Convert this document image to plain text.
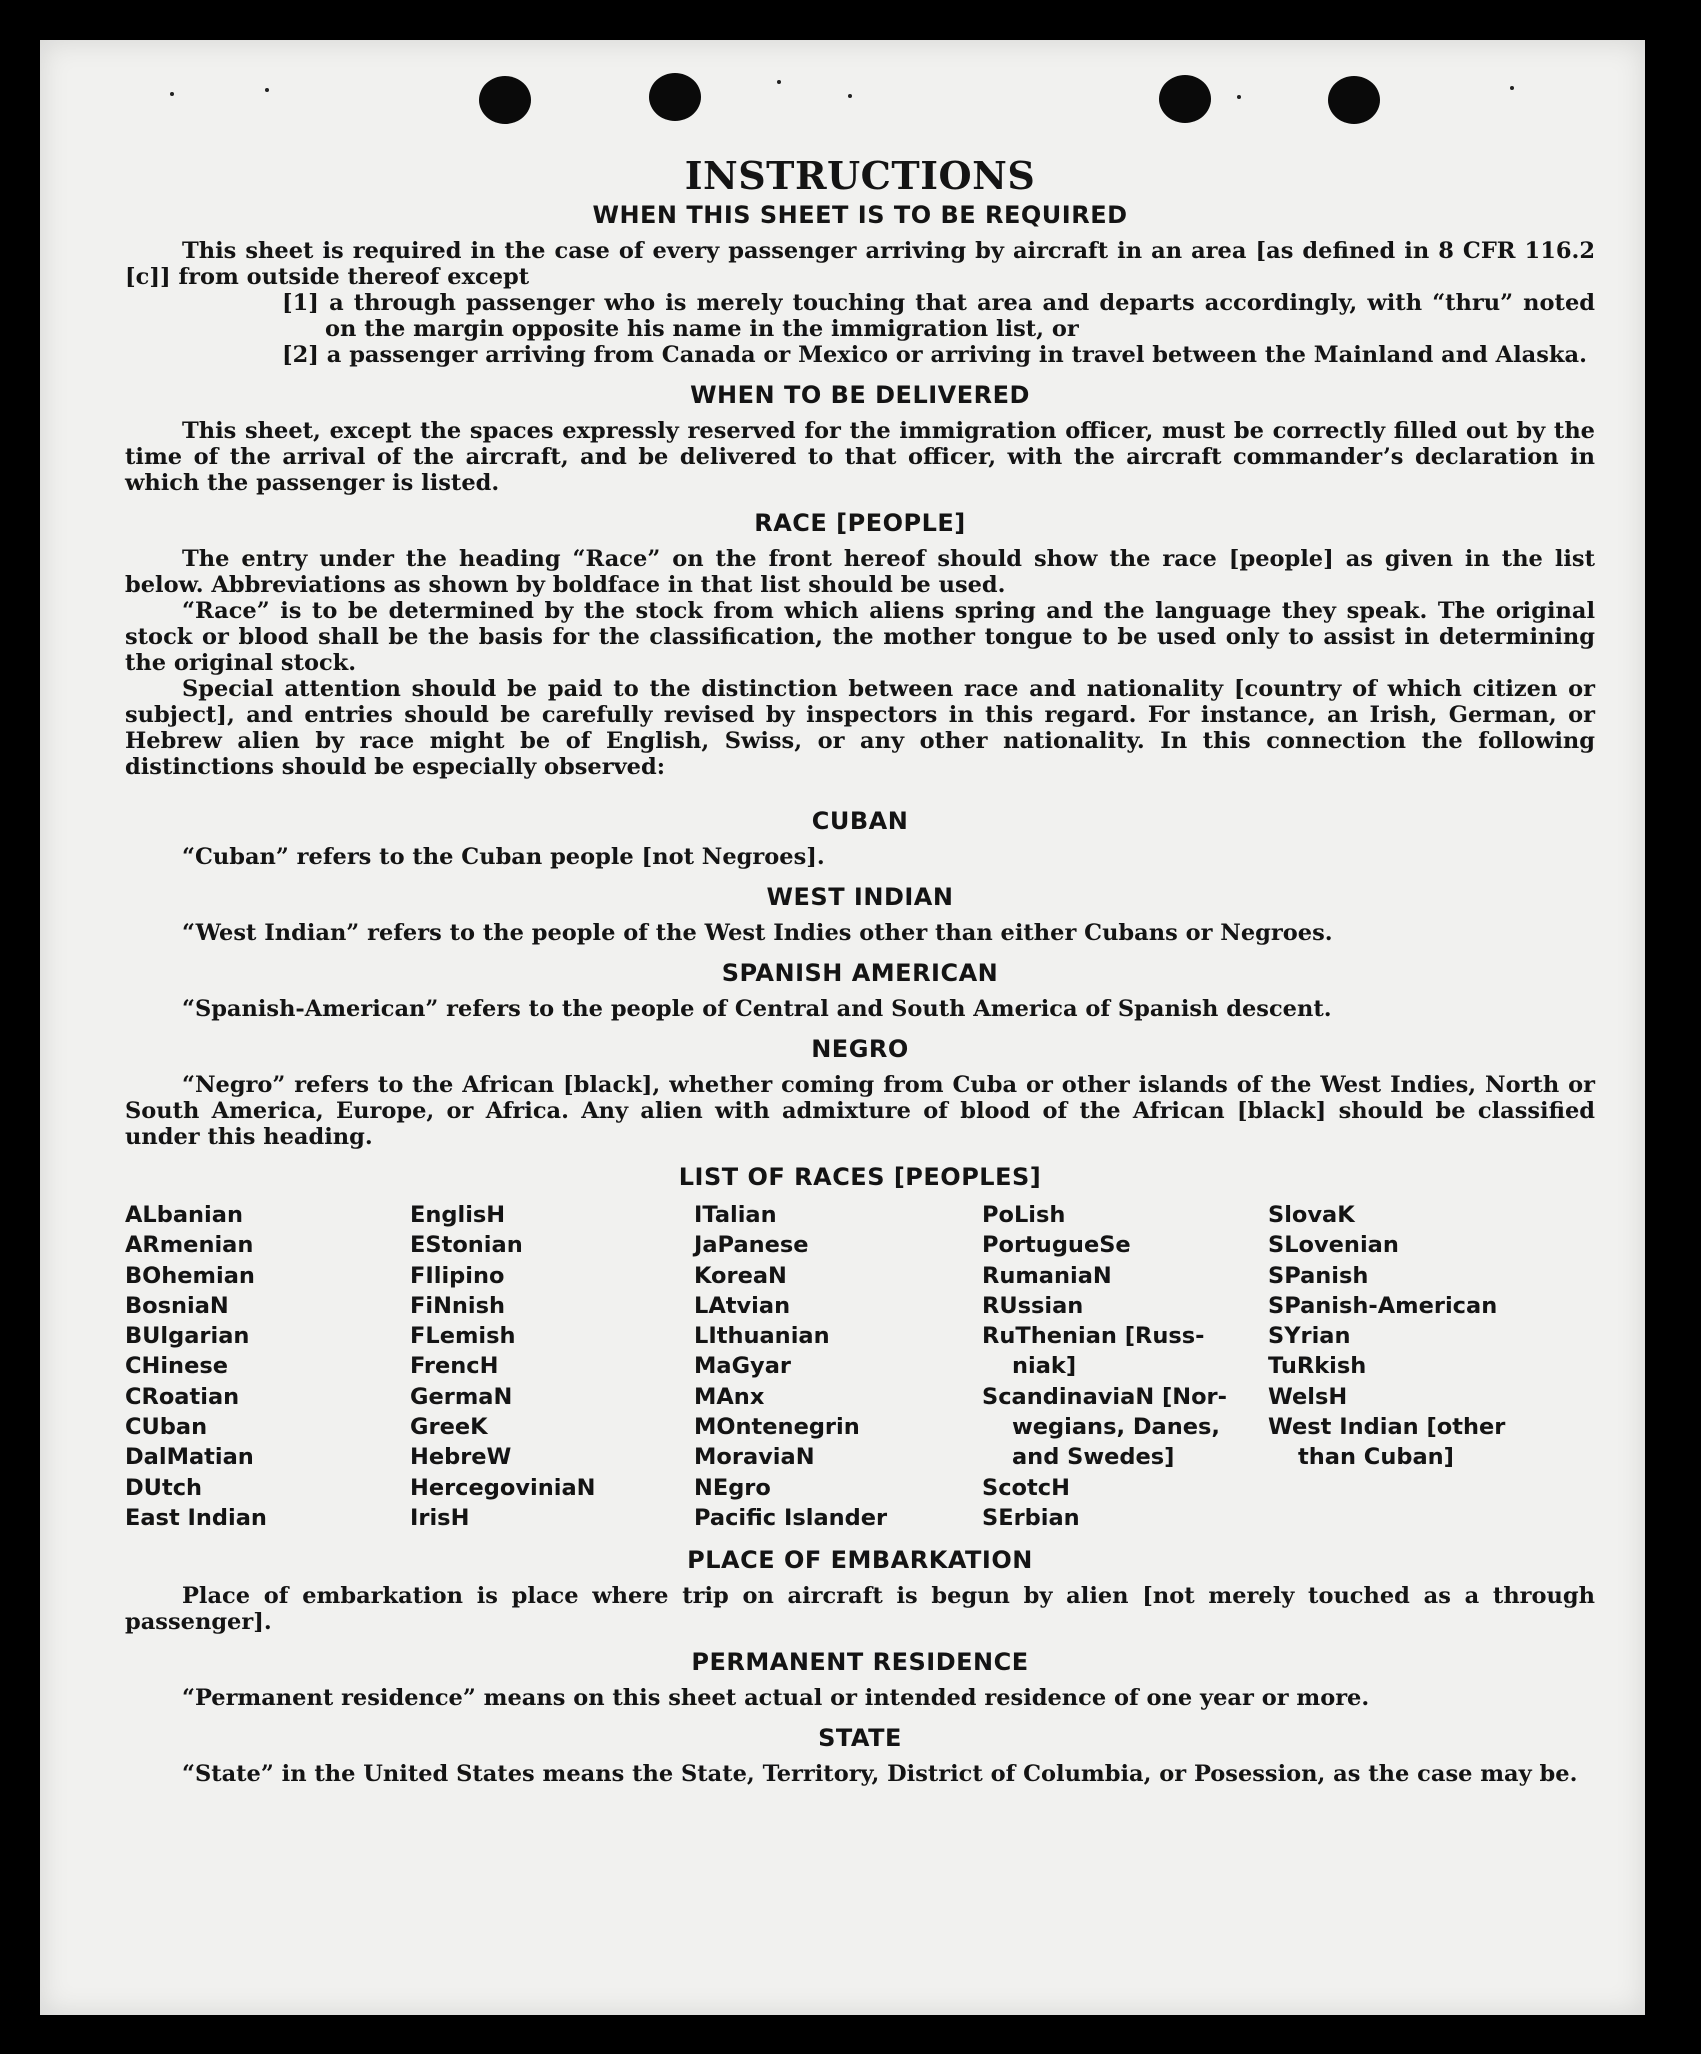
INSTRUCTIONS
WHEN THIS SHEET IS TO BE REQUIRED

This sheet is required in the case of every passenger arriving by aircraft in an area [as defined in 8 CFR 116.2 [c]] from outside thereof except

[1] a through passenger who is merely touching that area and departs accordingly, with “thru” noted on the margin opposite his name in the immigration list, or

[2] a passenger arriving from Canada or Mexico or arriving in travel between the Mainland and Alaska.

WHEN TO BE DELIVERED

This sheet, except the spaces expressly reserved for the immigration officer, must be correctly filled out by the time of the arrival of the aircraft, and be delivered to that officer, with the aircraft commander’s declaration in which the passenger is listed.

RACE [PEOPLE]

The entry under the heading “Race” on the front hereof should show the race [people] as given in the list below. Abbreviations as shown by boldface in that list should be used.

“Race” is to be determined by the stock from which aliens spring and the language they speak. The original stock or blood shall be the basis for the classification, the mother tongue to be used only to assist in determining the original stock.

Special attention should be paid to the distinction between race and nationality [country of which citizen or subject], and entries should be carefully revised by inspectors in this regard. For instance, an Irish, German, or Hebrew alien by race might be of English, Swiss, or any other nationality. In this connection the following distinctions should be especially observed:

CUBAN

“Cuban” refers to the Cuban people [not Negroes].

WEST INDIAN

“West Indian” refers to the people of the West Indies other than either Cubans or Negroes.

SPANISH AMERICAN

“Spanish-American” refers to the people of Central and South America of Spanish descent.

NEGRO

“Negro” refers to the African [black], whether coming from Cuba or other islands of the West Indies, North or South America, Europe, or Africa. Any alien with admixture of blood of the African [black] should be classified under this heading.

LIST OF RACES [PEOPLES]
ALbanian
ARmenian
BOhemian
BosniaN
BUlgarian
CHinese
CRoatian
CUban
DalMatian
DUtch
East Indian
EnglisH
EStonian
FIlipino
FiNnish
FLemish
FrencH
GermaN
GreeK
HebreW
HercegoviniaN
IrisH
ITalian
JaPanese
KoreaN
LAtvian
LIthuanian
MaGyar
MAnx
MOntenegrin
MoraviaN
NEgro
Pacific Islander
PoLish
PortugueSe
RumaniaN
RUssian
RuThenian [Russ-
niak]
ScandinaviaN [Nor-
wegians, Danes,
and Swedes]
ScotcH
SErbian
SlovaK
SLovenian
SPanish
SPanish-American
SYrian
TuRkish
WelsH
West Indian [other
than Cuban]
PLACE OF EMBARKATION

Place of embarkation is place where trip on aircraft is begun by alien [not merely touched as a through passenger].

PERMANENT RESIDENCE

“Permanent residence” means on this sheet actual or intended residence of one year or more.

STATE

“State” in the United States means the State, Territory, District of Columbia, or Posession, as the case may be.
